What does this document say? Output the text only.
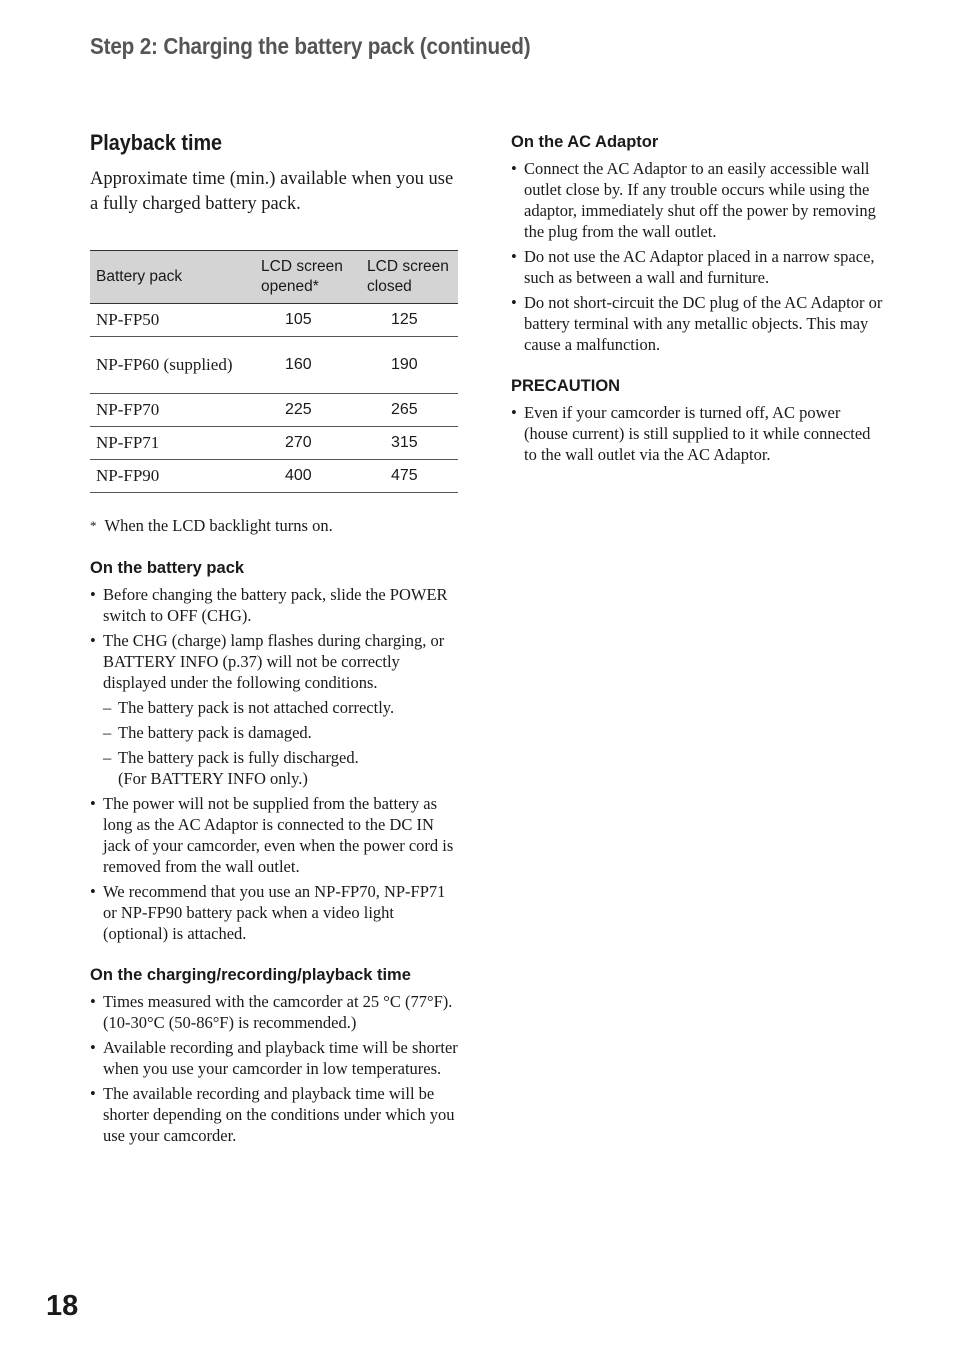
Step 2: Charging the battery pack (continued)
Playback time

Approximate time (min.) available when you use a fully charged battery pack.

Battery pack	LCD screen opened*	LCD screen closed
NP-FP50	105	125
NP-FP60 (supplied)	160	190
NP-FP70	225	265
NP-FP71	270	315
NP-FP90	400	475
* When the LCD backlight turns on.
On the battery pack
• Before changing the battery pack, slide the POWER switch to OFF (CHG).
• The CHG (charge) lamp flashes during charging, or BATTERY INFO (p.37) will not be correctly displayed under the following conditions.
– The battery pack is not attached correctly.
– The battery pack is damaged.
– The battery pack is fully discharged.
(For BATTERY INFO only.)
• The power will not be supplied from the battery as long as the AC Adaptor is connected to the DC IN jack of your camcorder, even when the power cord is removed from the wall outlet.
• We recommend that you use an NP-FP70, NP-FP71 or NP-FP90 battery pack when a video light (optional) is attached.
On the charging/recording/playback time
• Times measured with the camcorder at 25 °C (77°F). (10-30°C (50-86°F) is recommended.)
• Available recording and playback time will be shorter when you use your camcorder in low temperatures.
• The available recording and playback time will be shorter depending on the conditions under which you use your camcorder.
On the AC Adaptor
• Connect the AC Adaptor to an easily accessible wall outlet close by. If any trouble occurs while using the adaptor, immediately shut off the power by removing the plug from the wall outlet.
• Do not use the AC Adaptor placed in a narrow space, such as between a wall and furniture.
• Do not short-circuit the DC plug of the AC Adaptor or battery terminal with any metallic objects. This may cause a malfunction.
PRECAUTION
• Even if your camcorder is turned off, AC power (house current) is still supplied to it while connected to the wall outlet via the AC Adaptor.

18
